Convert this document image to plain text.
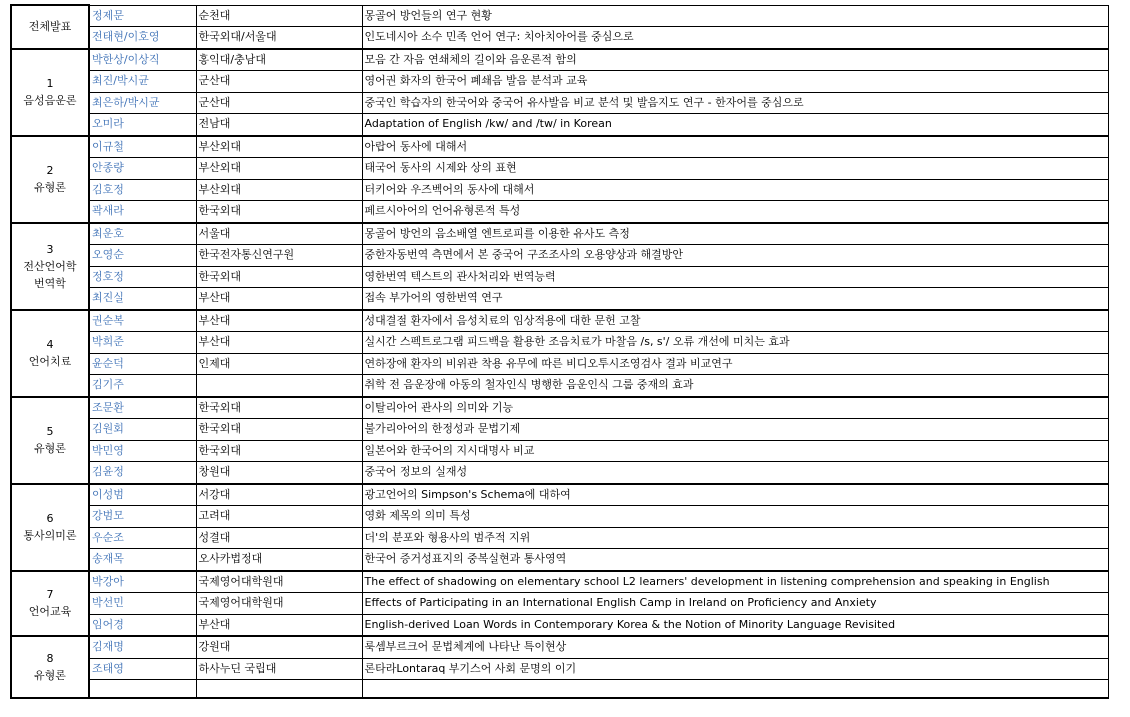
전체발표	정제문	순천대	몽골어 방언들의 연구 현황
	전태현/이호영	한국외대/서울대	인도네시아 소수 민족 언어 연구: 치아치아어를 중심으로

1
음성음운론	박한상/이상직	홍익대/충남대	모음 간 자음 연쇄체의 길이와 음운론적 함의
	최진/박시균	군산대	영어권 화자의 한국어 폐쇄음 발음 분석과 교육
	최은하/박시균	군산대	중국인 학습자의 한국어와 중국어 유사발음 비교 분석 및 발음지도 연구 - 한자어를 중심으로
	오미라	전남대	Adaptation of English /kw/ and /tw/ in Korean

2
유형론	이규철	부산외대	아랍어 동사에 대해서
	안종량	부산외대	태국어 동사의 시제와 상의 표현
	김호정	부산외대	터키어와 우즈벡어의 동사에 대해서
	곽새라	한국외대	페르시아어의 언어유형론적 특성

3
전산언어학
번역학	최운호	서울대	몽골어 방언의 음소배열 엔트로피를 이용한 유사도 측정
	오영순	한국전자통신연구원	중한자동번역 측면에서 본 중국어 구조조사의 오용양상과 해결방안
	정호정	한국외대	영한번역 텍스트의 관사처리와 번역능력
	최진실	부산대	접속 부가어의 영한번역 연구

4
언어치료	권순복	부산대	성대결절 환자에서 음성치료의 임상적용에 대한 문헌 고찰
	박희준	부산대	실시간 스펙트로그램 피드백을 활용한 조음치료가 마찰음 /s, s'/ 오류 개선에 미치는 효과
	윤순덕	인제대	연하장애 환자의 비위관 착용 유무에 따른 비디오투시조영검사 결과 비교연구
	김기주		취학 전 음운장애 아동의 철자인식 병행한 음운인식 그룹 중재의 효과

5
유형론	조문환	한국외대	이탈리아어 관사의 의미와 기능
	김원회	한국외대	불가리아어의 한정성과 문법기제
	박민영	한국외대	일본어와 한국어의 지시대명사 비교
	김윤정	창원대	중국어 정보의 실재성

6
통사의미론	이성범	서강대	광고언어의 Simpson's Schema에 대하여
	강범모	고려대	영화 제목의 의미 특성
	우순조	성결대	더'의 분포와 형용사의 범주적 지위
	송재목	오사카법정대	한국어 증거성표지의 중복실현과 통사영역

7
언어교육	박강아	국제영어대학원대	The effect of shadowing on elementary school L2 learners' development in listening comprehension and speaking in English
	박선민	국제영어대학원대	Effects of Participating in an International English Camp in Ireland on Proficiency and Anxiety
	임어경	부산대	English-derived Loan Words in Contemporary Korea & the Notion of Minority Language Revisited

8
유형론	김재명	강원대	룩셈부르크어 문법체계에 나타난 특이현상
	조태영	하사누딘 국립대	론타라Lontaraq 부기스어 사회 문명의 이기
